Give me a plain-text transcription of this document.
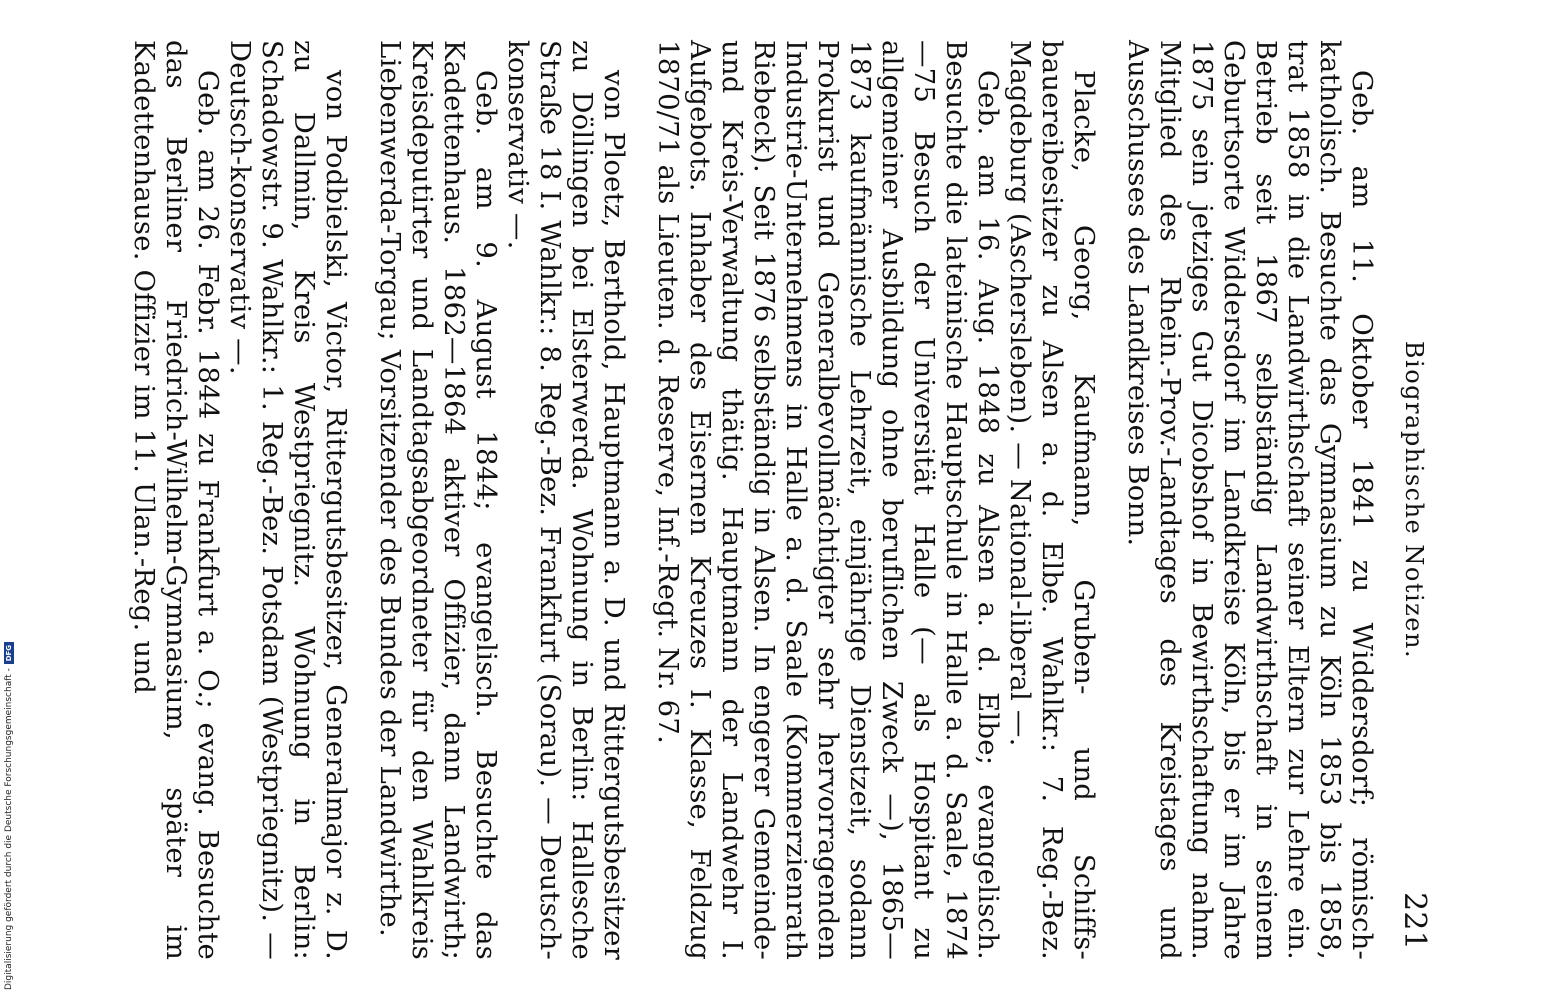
Biographische Notizen.
221

Geb. am 11. Oktober 1841 zu Widdersdorf; römisch-katholisch. Besuchte das Gymnasium zu Köln 1853 bis 1858, trat 1858 in die Landwirthschaft seiner Eltern zur Lehre ein. Betrieb seit 1867 selbständig Landwirthschaft in seinem Geburtsorte Widdersdorf im Landkreise Köln, bis er im Jahre 1875 sein jetziges Gut Dicobshof in Bewirthschaftung nahm. Mitglied des Rhein.-Prov.-Landtages des Kreistages und Ausschusses des Landkreises Bonn.

Placke, Georg, Kaufmann, Gruben- und Schiffs-bauereibesitzer zu Alsen a. d. Elbe. Wahlkr.: 7. Reg.-Bez. Magdeburg (Aschersleben). — National-liberal —.

Geb. am 16. Aug. 1848 zu Alsen a. d. Elbe; evangelisch. Besuchte die lateinische Hauptschule in Halle a. d. Saale, 1874—75 Besuch der Universität Halle (— als Hospitant zu allgemeiner Ausbildung ohne beruflichen Zweck —), 1865—1873 kaufmännische Lehrzeit, einjährige Dienstzeit, sodann Prokurist und Generalbevollmächtigter sehr hervorragenden Industrie-Unternehmens in Halle a. d. Saale (Kommerzienrath Riebeck). Seit 1876 selbständig in Alsen. In engerer Gemeinde- und Kreis-Verwaltung thätig. Hauptmann der Landwehr I. Aufgebots. Inhaber des Eisernen Kreuzes I. Klasse, Feldzug 1870/71 als Lieuten. d. Reserve, Inf.-Regt. Nr. 67.

von Ploetz, Berthold, Hauptmann a. D. und Rittergutsbesitzer zu Döllingen bei Elsterwerda. Wohnung in Berlin: Hallesche Straße 18 I. Wahlkr.: 8. Reg.-Bez. Frankfurt (Sorau). — Deutsch-konservativ —.

Geb. am 9. August 1844; evangelisch. Besuchte das Kadettenhaus. 1862—1864 aktiver Offizier, dann Landwirth; Kreisdeputirter und Landtagsabgeordneter für den Wahlkreis Liebenwerda-Torgau; Vorsitzender des Bundes der Landwirthe.

von Podbielski, Victor, Rittergutsbesitzer, Generalmajor z. D. zu Dallmin, Kreis Westpriegnitz. Wohnung in Berlin: Schadowstr. 9. Wahlkr.: 1. Reg.-Bez. Potsdam (Westpriegnitz). — Deutsch-konservativ —.

Geb. am 26. Febr. 1844 zu Frankfurt a. O.; evang. Besuchte das Berliner Friedrich-Wilhelm-Gymnasium, später im Kadettenhause. Offizier im 11. Ulan.-Reg. und

Digitalisierung gefördert durch die Deutsche Forschungsgemeinschaft -
DFG
